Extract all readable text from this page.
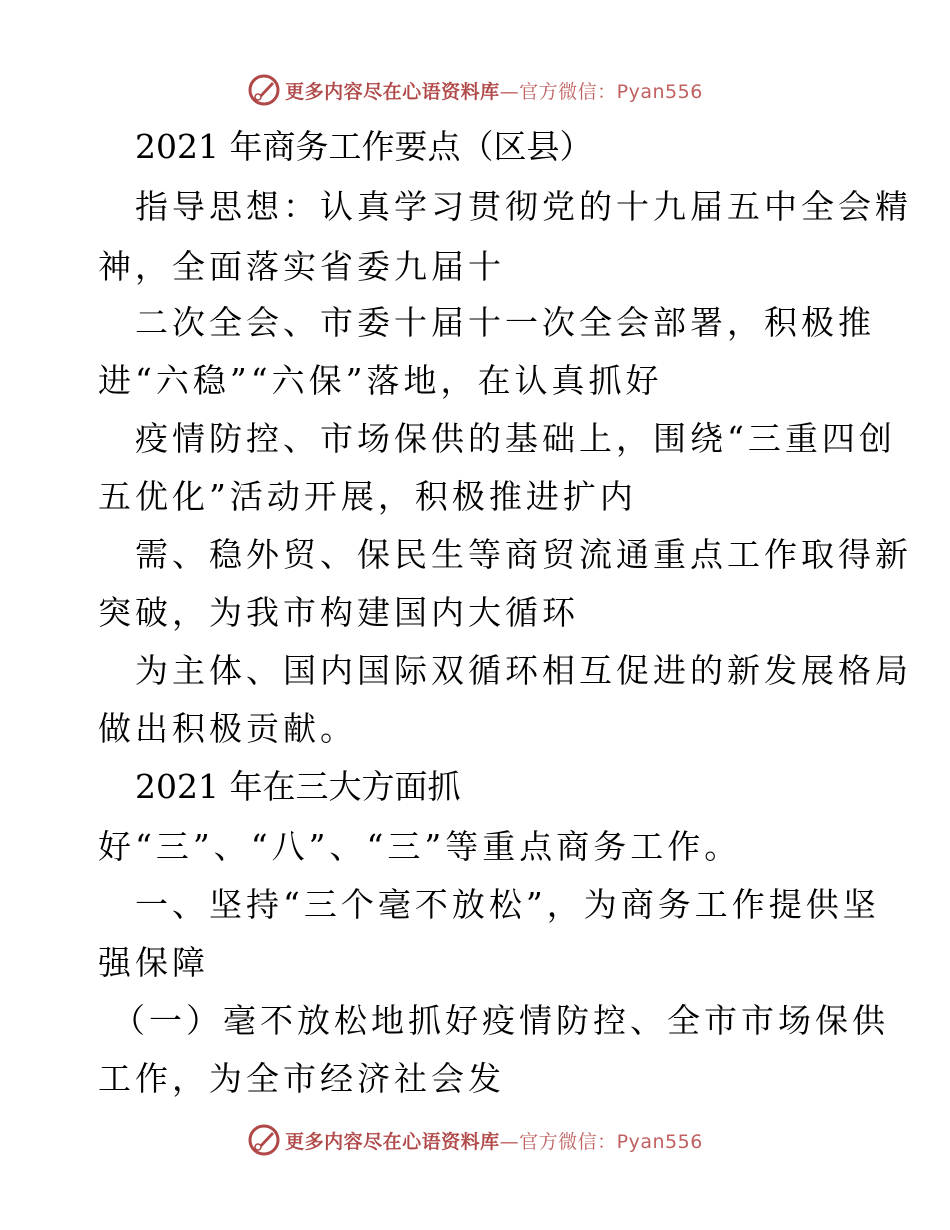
更多内容尽在心语资料库—官方微信：Pyan556
2021 年商务工作要点（区县）
指导思想：认真学习贯彻党的十九届五中全会精
神，全面落实省委九届十
二次全会、市委十届十一次全会部署，积极推
进“六稳”“六保”落地，在认真抓好
疫情防控、市场保供的基础上，围绕“三重四创
五优化”活动开展，积极推进扩内
需、稳外贸、保民生等商贸流通重点工作取得新
突破，为我市构建国内大循环
为主体、国内国际双循环相互促进的新发展格局
做出积极贡献。
2021 年在三大方面抓
好“三”、“八”、“三”等重点商务工作。
一、坚持“三个毫不放松”，为商务工作提供坚
强保障
（一）毫不放松地抓好疫情防控、全市市场保供
工作，为全市经济社会发
更多内容尽在心语资料库—官方微信：Pyan556
